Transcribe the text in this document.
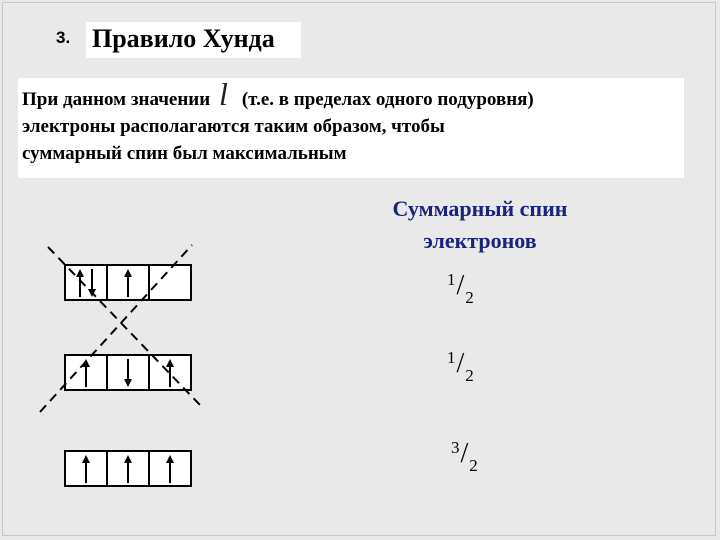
3. Правило Хунда
При данном значении l (т.е. в пределах одного подуровня)
электроны располагаются таким образом, чтобы
суммарный спин был максимальным
Суммарный спин
электронов
$^1/_2$
$^1/_2$
$^3/_2$
